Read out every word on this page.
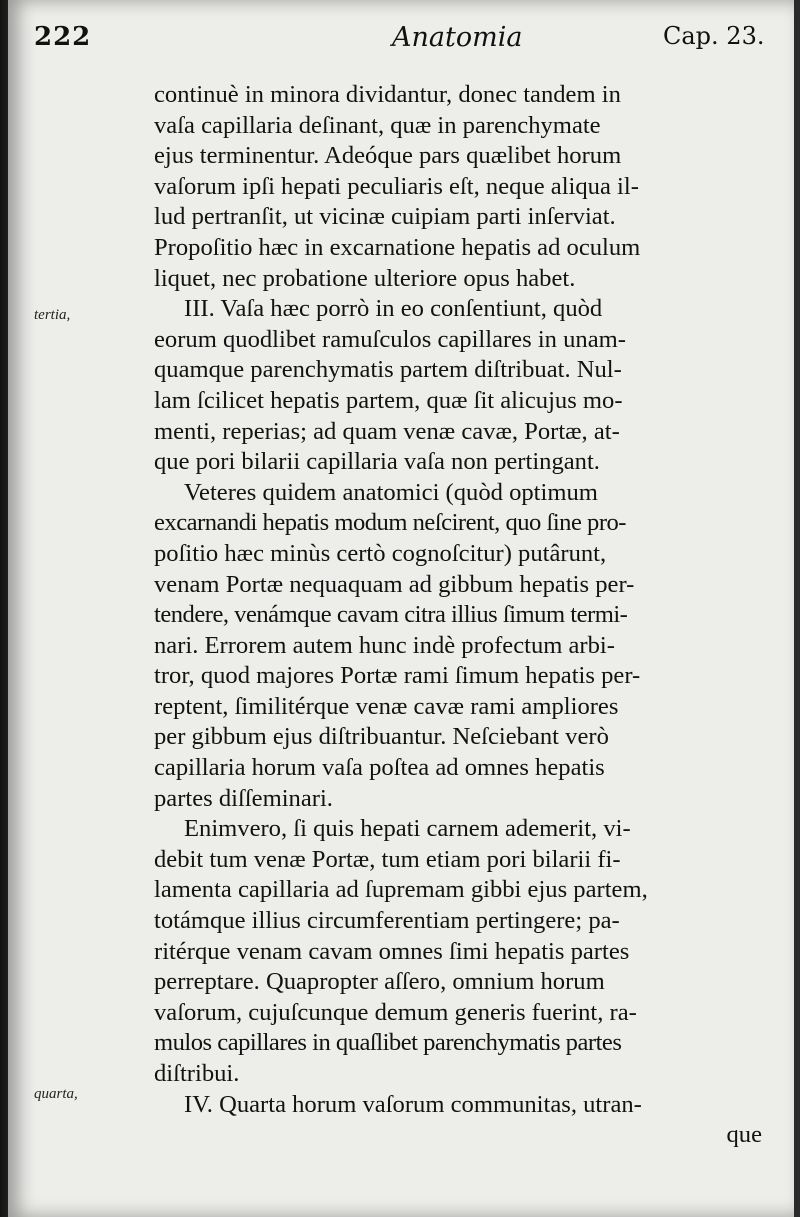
222	Anatomia	Cap. 23.
tertia,
quarta,
continuè in minora dividantur, donec tandem in
vaſa capillaria deſinant, quæ in parenchymate
ejus terminentur. Adeóque pars quælibet horum
vaſorum ipſi hepati peculiaris eſt, neque aliqua il-
lud pertranſit, ut vicinæ cuipiam parti inſerviat.
Propoſitio hæc in excarnatione hepatis ad oculum
liquet, nec probatione ulteriore opus habet.
III. Vaſa hæc porrò in eo conſentiunt, quòd
eorum quodlibet ramuſculos capillares in unam-
quamque parenchymatis partem diſtribuat. Nul-
lam ſcilicet hepatis partem, quæ ſit alicujus mo-
menti, reperias; ad quam venæ cavæ, Portæ, at-
que pori bilarii capillaria vaſa non pertingant.
Veteres quidem anatomici (quòd optimum
excarnandi hepatis modum neſcirent, quo ſine pro-
poſitio hæc minùs certò cognoſcitur) putârunt,
venam Portæ nequaquam ad gibbum hepatis per-
tendere, venámque cavam citra illius ſimum termi-
nari. Errorem autem hunc indè profectum arbi-
tror, quod majores Portæ rami ſimum hepatis per-
reptent, ſimilitérque venæ cavæ rami ampliores
per gibbum ejus diſtribuantur. Neſciebant verò
capillaria horum vaſa poſtea ad omnes hepatis
partes diſſeminari.
Enimvero, ſi quis hepati carnem ademerit, vi-
debit tum venæ Portæ, tum etiam pori bilarii fi-
lamenta capillaria ad ſupremam gibbi ejus partem,
totámque illius circumferentiam pertingere; pa-
ritérque venam cavam omnes ſimi hepatis partes
perreptare. Quapropter aſſero, omnium horum
vaſorum, cujuſcunque demum generis fuerint, ra-
mulos capillares in quaſlibet parenchymatis partes
diſtribui.
IV. Quarta horum vaſorum communitas, utran-
que
